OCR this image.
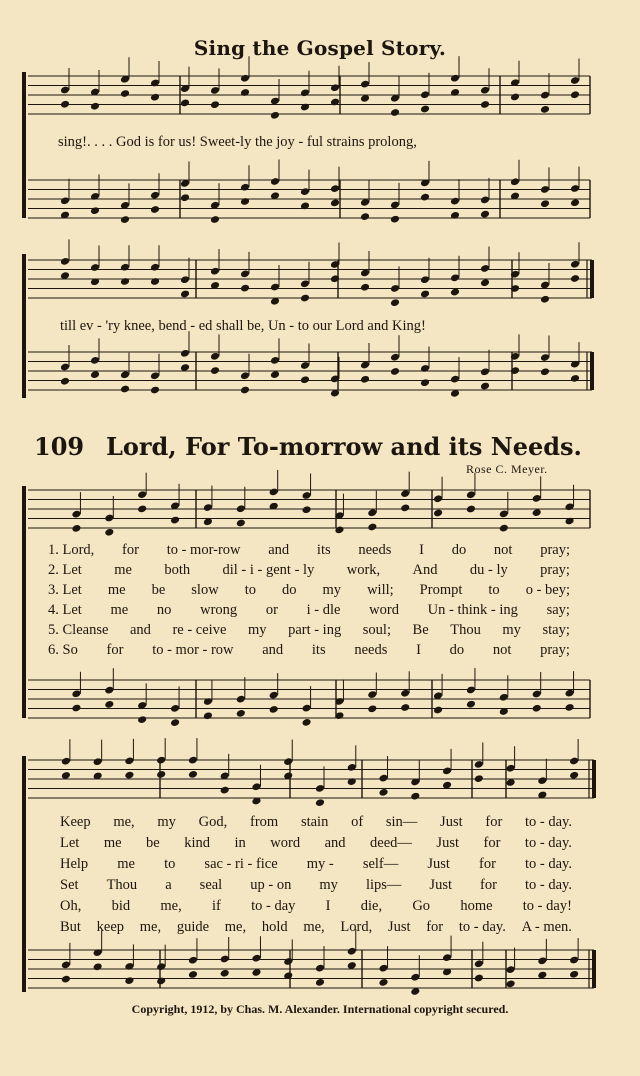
Sing the Gospel Story.
sing!. . . . God is for us! Sweet-ly the joy - ful strains prolong,
till ev - 'ry knee, bend - ed shall be, Un - to our Lord and King!
109 Lord, For To-morrow and its Needs.
Rose C. Meyer.
1. Lord, for to - mor-row and its needs I do not pray;
2. Let me both dil - i - gent - ly work, And du - ly pray;
3. Let me be slow to do my will; Prompt to o - bey;
4. Let me no wrong or i - dle word Un - think - ing say;
5. Cleanse and re - ceive my part - ing soul; Be Thou my stay;
6. So for to - mor - row and its needs I do not pray;
Keep me, my God, from stain of sin— Just for to - day.
Let me be kind in word and deed— Just for to - day.
Help me to sac - ri - fice my - self— Just for to - day.
Set Thou a seal up - on my lips— Just for to - day.
Oh, bid me, if to - day I die, Go home to - day!
But keep me, guide me, hold me, Lord, Just for to - day. A - men.
Copyright, 1912, by Chas. M. Alexander. International copyright secured.
